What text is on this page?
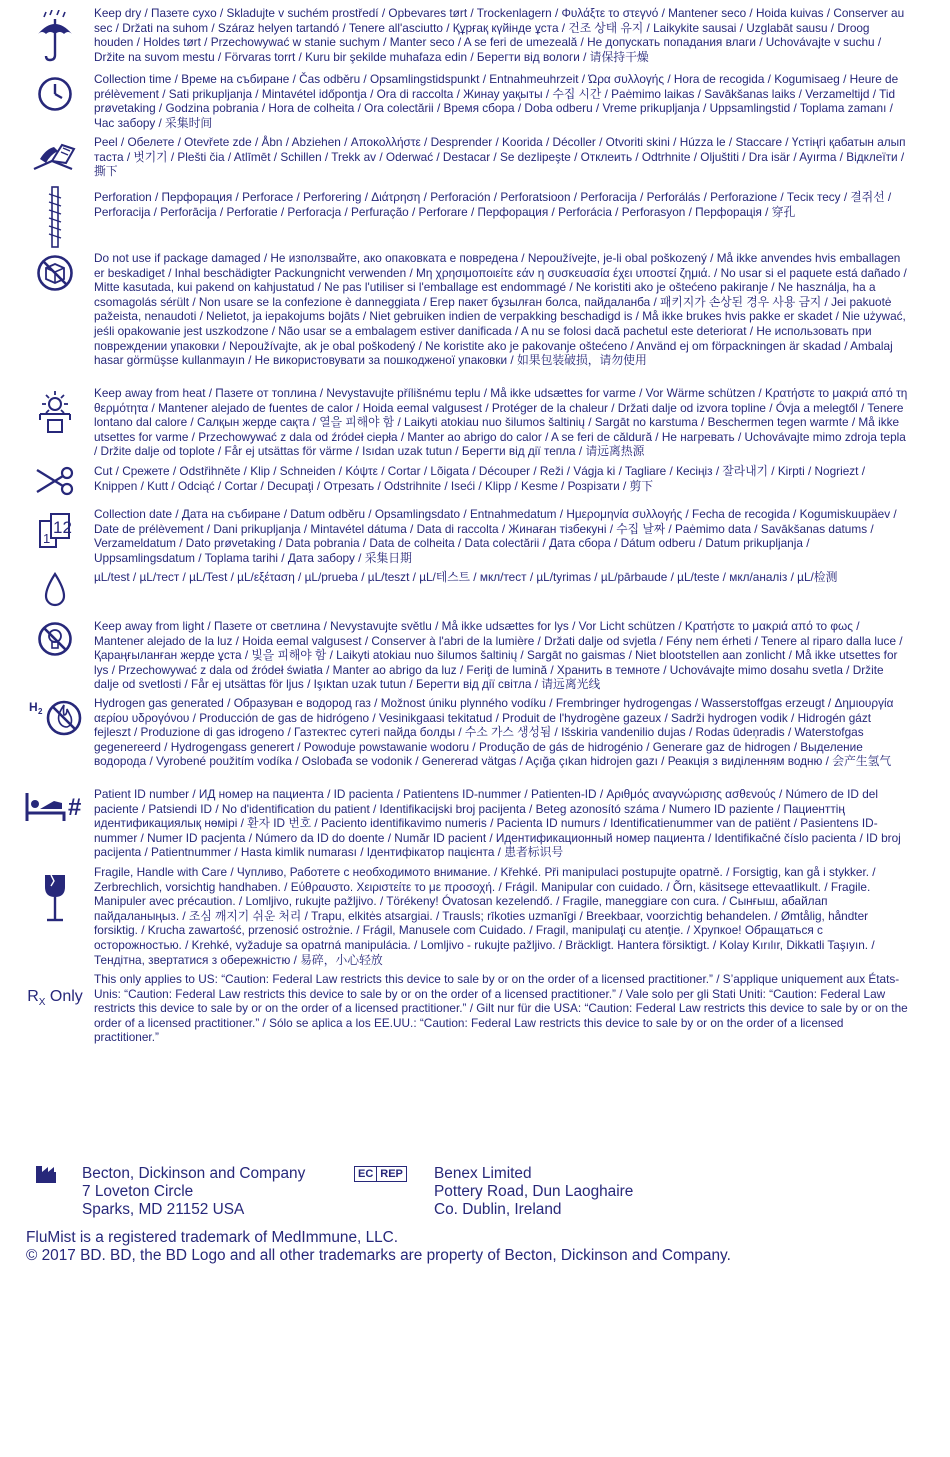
Keep dry / Пазете сухо / Skladujte v suchém prostředí / Opbevares tørt / Trockenlagern / Φυλάξτε το στεγνό / Mantener seco / Hoida kuivas / Conserver au sec / Držati na suhom / Száraz helyen tartandó / Tenere all'asciutto / Құрғақ күйінде ұста / 건조 상태 유지 / Laikykite sausai / Uzglabāt sausu / Droog houden / Holdes tørt / Przechowywać w stanie suchym / Manter seco / A se feri de umezeală / Не допускать попадания влаги / Uchovávajte v suchu / Držite na suvom mestu / Förvaras torrt / Kuru bir şekilde muhafaza edin / Берегти від вологи / 请保持干燥

Collection time / Време на събиране / Čas odběru / Opsamlingstidspunkt / Entnahmeuhrzeit / Ώρα συλλογής / Hora de recogida / Kogumisaeg / Heure de prélèvement / Sati prikupljanja / Mintavétel időpontja / Ora di raccolta / Жинау уақыты / 수집 시간 / Paėmimo laikas / Savākšanas laiks / Verzameltijd / Tid prøvetaking / Godzina pobrania / Hora de colheita / Ora colectării / Время сбора / Doba odberu / Vreme prikupljanja / Uppsamlingstid / Toplama zamanı / Час забору / 采集时间

Peel / Обелете / Otevřete zde / Åbn / Abziehen / Αποκολλήστε / Desprender / Koorida / Décoller / Otvoriti skini / Húzza le / Staccare / Үстіңгі қабатын алып таста / 벗기기 / Plešti čia / Atlīmēt / Schillen / Trekk av / Oderwać / Destacar / Se dezlipeşte / Отклеить / Odtrhnite / Oljuštiti / Dra isär / Ayırma / Відклеїти / 撕下

Perforation / Перфорация / Perforace / Perforering / Διάτρηση / Perforación / Perforatsioon / Perforacija / Perforálás / Perforazione / Тесік тесу / 결쥐선 / Perforacija / Perforācija / Perforatie / Perforacja / Perfuração / Perforare / Перфорация / Perforácia / Perforasyon / Перфорація / 穿孔

Do not use if package damaged / Не използвайте, ако опаковката е повредена / Nepoužívejte, je-li obal poškozený / Må ikke anvendes hvis emballagen er beskadiget / Inhal beschädigter Packungnicht verwenden / Μη χρησιμοποιείτε εάν η συσκευασία έχει υποστεί ζημιά. / No usar si el paquete está dañado / Mitte kasutada, kui pakend on kahjustatud / Ne pas l'utiliser si l'emballage est endommagé / Ne koristiti ako je oštećeno pakiranje / Ne használja, ha a csomagolás sérült / Non usare se la confezione è danneggiata / Егер пакет бұзылған болса, пайдаланба / 패키지가 손상된 경우 사용 금지 / Jei pakuotė pažeista, nenaudoti / Nelietot, ja iepakojums bojāts / Niet gebruiken indien de verpakking beschadigd is / Må ikke brukes hvis pakke er skadet / Nie używać, jeśli opakowanie jest uszkodzone / Não usar se a embalagem estiver danificada / A nu se folosi dacă pachetul este deteriorat / Не использовать при повреждении упаковки / Nepoužívajte, ak je obal poškodený / Ne koristite ako je pakovanje oštećeno / Använd ej om förpackningen är skadad / Ambalaj hasar görmüşse kullanmayın / Не використовувати за пошкодженої упаковки / 如果包装破损，请勿使用

Keep away from heat / Пазете от топлина / Nevystavujte přílišnému teplu / Må ikke udsættes for varme / Vor Wärme schützen / Κρατήστε το μακριά από τη θερμότητα / Mantener alejado de fuentes de calor / Hoida eemal valgusest / Protéger de la chaleur / Držati dalje od izvora topline / Óvja a melegtől / Tenere lontano dal calore / Салқын жерде сақта / 열을 피해야 함 / Laikyti atokiau nuo šilumos šaltinių / Sargāt no karstuma / Beschermen tegen warmte / Må ikke utsettes for varme / Przechowywać z dala od źródeł ciepła / Manter ao abrigo do calor / A se feri de căldură / Не нагревать / Uchovávajte mimo zdroja tepla / Držite dalje od toplote / Får ej utsättas för värme / Isıdan uzak tutun / Берегти від дії тепла / 请远离热源

Cut / Срежете / Odstřihněte / Klip / Schneiden / Κόψτε / Cortar / Lõigata / Découper / Reži / Vágja ki / Tagliare / Кесіңіз / 잘라내기 / Kirpti / Nogriezt / Knippen / Kutt / Odciąć / Cortar / Decupaţi / Отрезать / Odstrihnite / Iseći / Klipp / Kesme / Розрізати / 剪下

12
1

Collection date / Дата на събиране / Datum odběru / Opsamlingsdato / Entnahmedatum / Ημερομηνία συλλογής / Fecha de recogida / Kogumiskuupäev / Date de prélèvement / Dani prikupljanja / Mintavétel dátuma / Data di raccolta / Жинаған тізбекуні / 수집 날짜 / Paėmimo data / Savākšanas datums / Verzameldatum / Dato prøvetaking / Data pobrania / Data de colheita / Data colectării / Дата сбора / Dátum odberu / Datum prikupljanja / Uppsamlingsdatum / Toplama tarihi / Дата забору / 采集日期

µL/test / µL/тест / µL/Test / µL/εξέταση / µL/prueba / µL/teszt / µL/테스트 / мкл/тест / µL/tyrimas / µL/pārbaude / µL/teste / мкл/аналіз / µL/检测

Keep away from light / Пазете от светлина / Nevystavujte světlu / Må ikke udsættes for lys / Vor Licht schützen / Κρατήστε το μακριά από το φως / Mantener alejado de la luz / Hoida eemal valgusest / Conserver à l'abri de la lumière / Držati dalje od svjetla / Fény nem érheti / Tenere al riparo dalla luce / Қараңғыланған жерде ұста / 빛을 피해야 함 / Laikyti atokiau nuo šilumos šaltinių / Sargāt no gaismas / Niet blootstellen aan zonlicht / Må ikke utsettes for lys / Przechowywać z dala od źródeł światła / Manter ao abrigo da luz / Feriţi de lumină / Хранить в темноте / Uchovávajte mimo dosahu svetla / Držite dalje od svetlosti / Får ej utsättas för ljus / Işıktan uzak tutun / Берегти від дії світла / 请远离光线

H 2

Hydrogen gas generated / Образуван е водород газ / Možnost úniku plynného vodíku / Frembringer hydrogengas / Wasserstoffgas erzeugt / Δημιουργία αερίου υδρογόνου / Producción de gas de hidrógeno / Vesinikgaasi tekitatud / Produit de l'hydrogène gazeux / Sadrži hydrogen vodik / Hidrogén gázt fejleszt / Produzione di gas idrogeno / Газтектес сутегі пайда болды / 수소 가스 생성됨 / Išskiria vandenilio dujas / Rodas ūdeņradis / Waterstofgas gegenereerd / Hydrogengass generert / Powoduje powstawanie wodoru / Produção de gás de hidrogénio / Generare gaz de hidrogen / Выделение водорода / Vyrobené použitím vodíka / Oslobađa se vodonik / Genererad vätgas / Açığa çıkan hidrojen gazı / Реакція з виділенням водню / 会产生氢气

# Patient ID number / ИД номер на пациента / ID pacienta / Patientens ID-nummer / Patienten-ID / Αριθμός αναγνώρισης ασθενούς / Número de ID del paciente / Patsiendi ID / No d'identification du patient / Identifikacijski broj pacijenta / Beteg azonosító száma / Numero ID paziente / Пациенттің идентификациялық нөмірі / 환자 ID 번호 / Paciento identifikavimo numeris / Pacienta ID numurs / Identificatienummer van de patiënt / Pasientens ID-nummer / Numer ID pacjenta / Número da ID do doente / Număr ID pacient / Идентификационный номер пациента / Identifikačné číslo pacienta / ID broj pacijenta / Patientnummer / Hasta kimlik numarası / Ідентифікатор пацієнта / 患者标识号

Fragile, Handle with Care / Чупливо, Работете с необходимото внимание. / Křehké. Při manipulaci postupujte opatrně. / Forsigtig, kan gå i stykker. / Zerbrechlich, vorsichtig handhaben. / Εύθραυστο. Χειριστείτε το με προσοχή. / Frágil. Manipular con cuidado. / Õrn, käsitsege ettevaatlikult. / Fragile. Manipuler avec précaution. / Lomljivo, rukujte pažljivo. / Törékeny! Óvatosan kezelendő. / Fragile, maneggiare con cura. / Сынғыш, абайлап пайдаланыңыз. / 조심 깨지기 쉬운 처리 / Trapu, elkitės atsargiai. / Trausls; rīkoties uzmanīgi / Breekbaar, voorzichtig behandelen. / Ømtålig, håndter forsiktig. / Krucha zawartość, przenosić ostrożnie. / Frágil, Manusele com Cuidado. / Fragil, manipulaţi cu atenţie. / Хрупкое! Обращаться с осторожностью. / Krehké, vyžaduje sa opatrná manipulácia. / Lomljivo - rukujte pažljivo. / Bräckligt. Hantera försiktigt. / Kolay Kırılır, Dikkatli Taşıyın. / Тендітна, звертатися з обережністю / 易碎，小心轻放

$R_X$ Only

This only applies to US: “Caution: Federal Law restricts this device to sale by or on the order of a licensed practitioner.” / S’applique uniquement aux États-Unis: “Caution: Federal Law restricts this device to sale by or on the order of a licensed practitioner.” / Vale solo per gli Stati Uniti: “Caution: Federal Law restricts this device to sale by or on the order of a licensed practitioner.” / Gilt nur für die USA: “Caution: Federal Law restricts this device to sale by or on the order of a licensed practitioner.” / Sólo se aplica a los EE.UU.: “Caution: Federal Law restricts this device to sale by or on the order of a licensed practitioner.”

Becton, Dickinson and Company
7 Loveton Circle
Sparks, MD 21152 USA
EC REP Benex Limited
Pottery Road, Dun Laoghaire
Co. Dublin, Ireland
FluMist is a registered trademark of MedImmune, LLC.
© 2017 BD. BD, the BD Logo and all other trademarks are property of Becton, Dickinson and Company.
